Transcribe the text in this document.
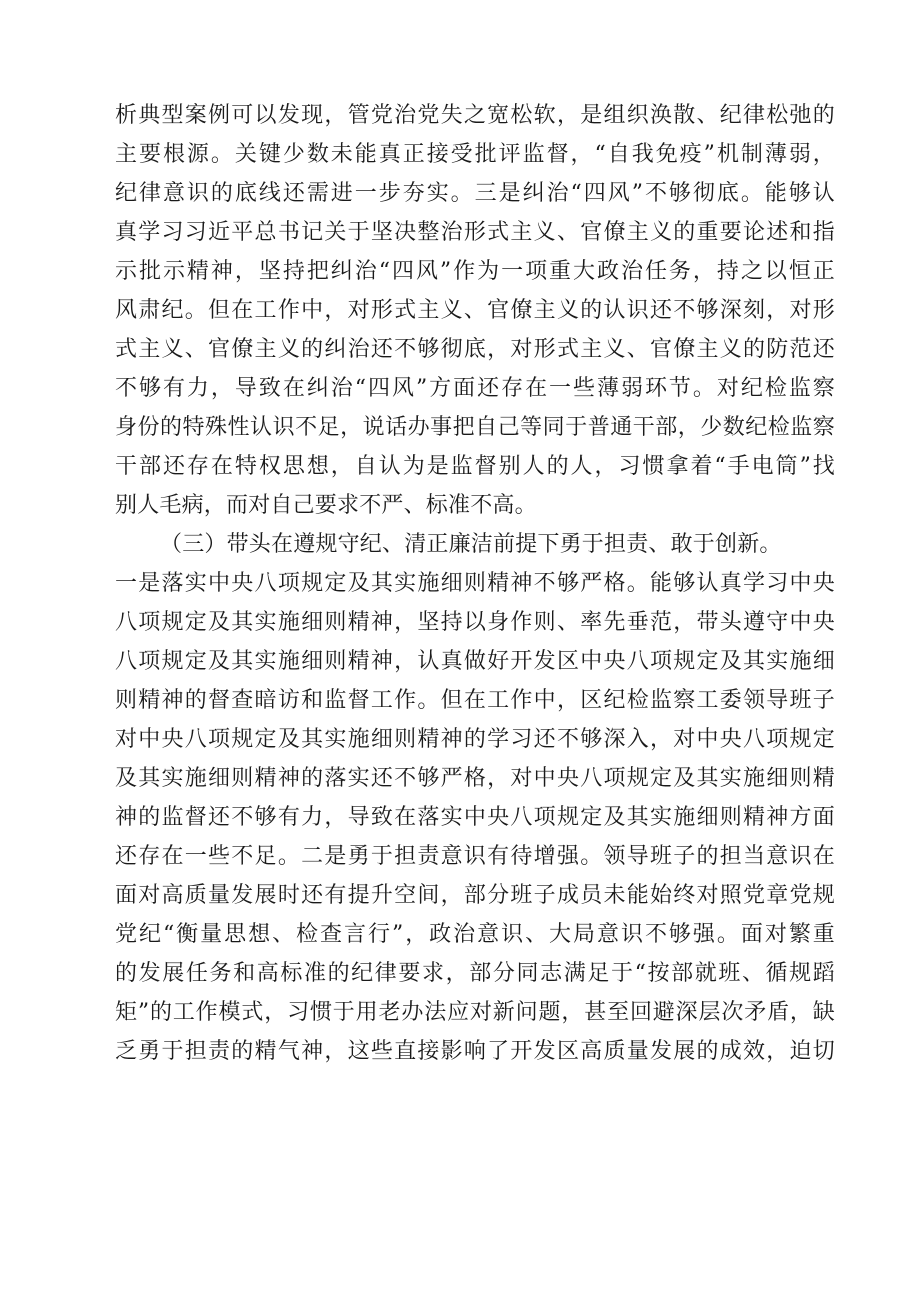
析典型案例可以发现，管党治党失之宽松软，是组织涣散、纪律松弛的
主要根源。关键少数未能真正接受批评监督，“自我免疫”机制薄弱，
纪律意识的底线还需进一步夯实。三是纠治“四风”不够彻底。能够认
真学习习近平总书记关于坚决整治形式主义、官僚主义的重要论述和指
示批示精神，坚持把纠治“四风”作为一项重大政治任务，持之以恒正
风肃纪。但在工作中，对形式主义、官僚主义的认识还不够深刻，对形
式主义、官僚主义的纠治还不够彻底，对形式主义、官僚主义的防范还
不够有力，导致在纠治“四风”方面还存在一些薄弱环节。对纪检监察
身份的特殊性认识不足，说话办事把自己等同于普通干部，少数纪检监察
干部还存在特权思想，自认为是监督别人的人，习惯拿着“手电筒”找
别人毛病，而对自己要求不严、标准不高。
（三）带头在遵规守纪、清正廉洁前提下勇于担责、敢于创新。
一是落实中央八项规定及其实施细则精神不够严格。能够认真学习中央
八项规定及其实施细则精神，坚持以身作则、率先垂范，带头遵守中央
八项规定及其实施细则精神，认真做好开发区中央八项规定及其实施细
则精神的督查暗访和监督工作。但在工作中，区纪检监察工委领导班子
对中央八项规定及其实施细则精神的学习还不够深入，对中央八项规定
及其实施细则精神的落实还不够严格，对中央八项规定及其实施细则精
神的监督还不够有力，导致在落实中央八项规定及其实施细则精神方面
还存在一些不足。二是勇于担责意识有待增强。领导班子的担当意识在
面对高质量发展时还有提升空间，部分班子成员未能始终对照党章党规
党纪“衡量思想、检查言行”，政治意识、大局意识不够强。面对繁重
的发展任务和高标准的纪律要求，部分同志满足于“按部就班、循规蹈
矩”的工作模式，习惯于用老办法应对新问题，甚至回避深层次矛盾，缺
乏勇于担责的精气神，这些直接影响了开发区高质量发展的成效，迫切
